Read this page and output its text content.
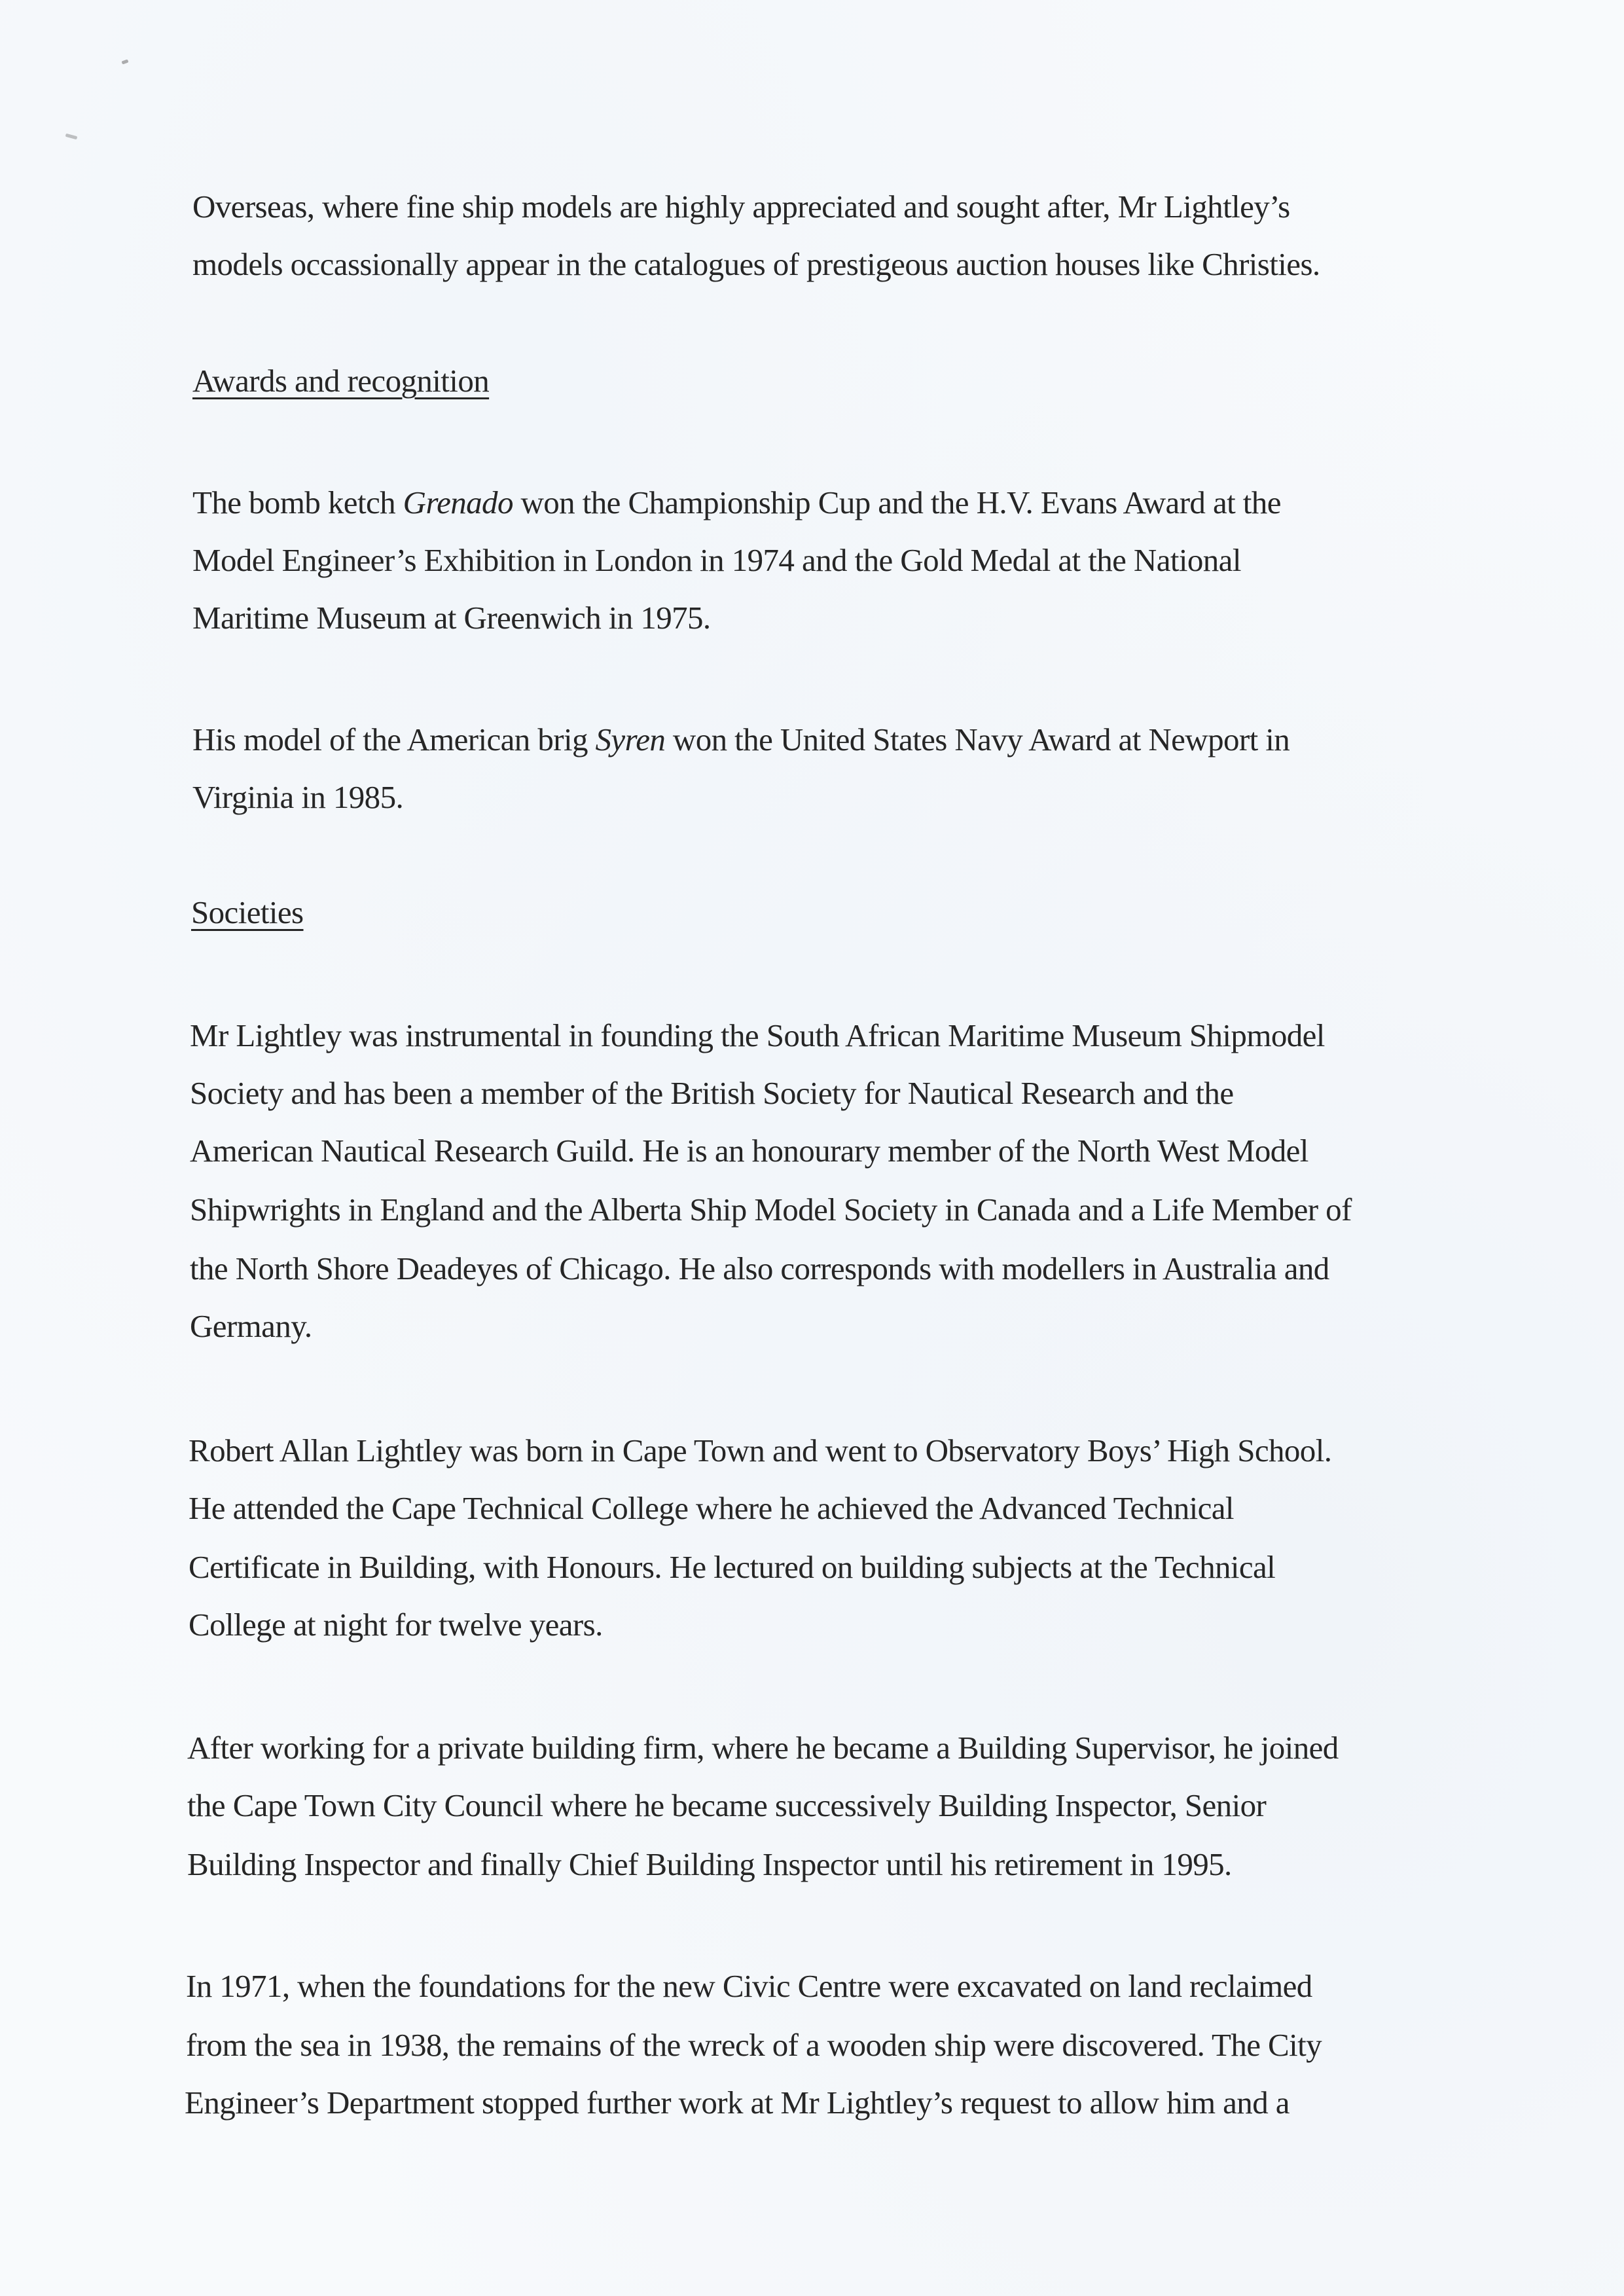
Overseas, where fine ship models are highly appreciated and sought after, Mr Lightley’s
models occassionally appear in the catalogues of prestigeous auction houses like Christies.
Awards and recognition
The bomb ketch Grenado won the Championship Cup and the H.V. Evans Award at the
Model Engineer’s Exhibition in London in 1974 and the Gold Medal at the National
Maritime Museum at Greenwich in 1975.
His model of the American brig Syren won the United States Navy Award at Newport in
Virginia in 1985.
Societies
Mr Lightley was instrumental in founding the South African Maritime Museum Shipmodel
Society and has been a member of the British Society for Nautical Research and the
American Nautical Research Guild. He is an honourary member of the North West Model
Shipwrights in England and the Alberta Ship Model Society in Canada and a Life Member of
the North Shore Deadeyes of Chicago. He also corresponds with modellers in Australia and
Germany.
Robert Allan Lightley was born in Cape Town and went to Observatory Boys’ High School.
He attended the Cape Technical College where he achieved the Advanced Technical
Certificate in Building, with Honours. He lectured on building subjects at the Technical
College at night for twelve years.
After working for a private building firm, where he became a Building Supervisor, he joined
the Cape Town City Council where he became successively Building Inspector, Senior
Building Inspector and finally Chief Building Inspector until his retirement in 1995.
In 1971, when the foundations for the new Civic Centre were excavated on land reclaimed
from the sea in 1938, the remains of the wreck of a wooden ship were discovered. The City
Engineer’s Department stopped further work at Mr Lightley’s request to allow him and a
